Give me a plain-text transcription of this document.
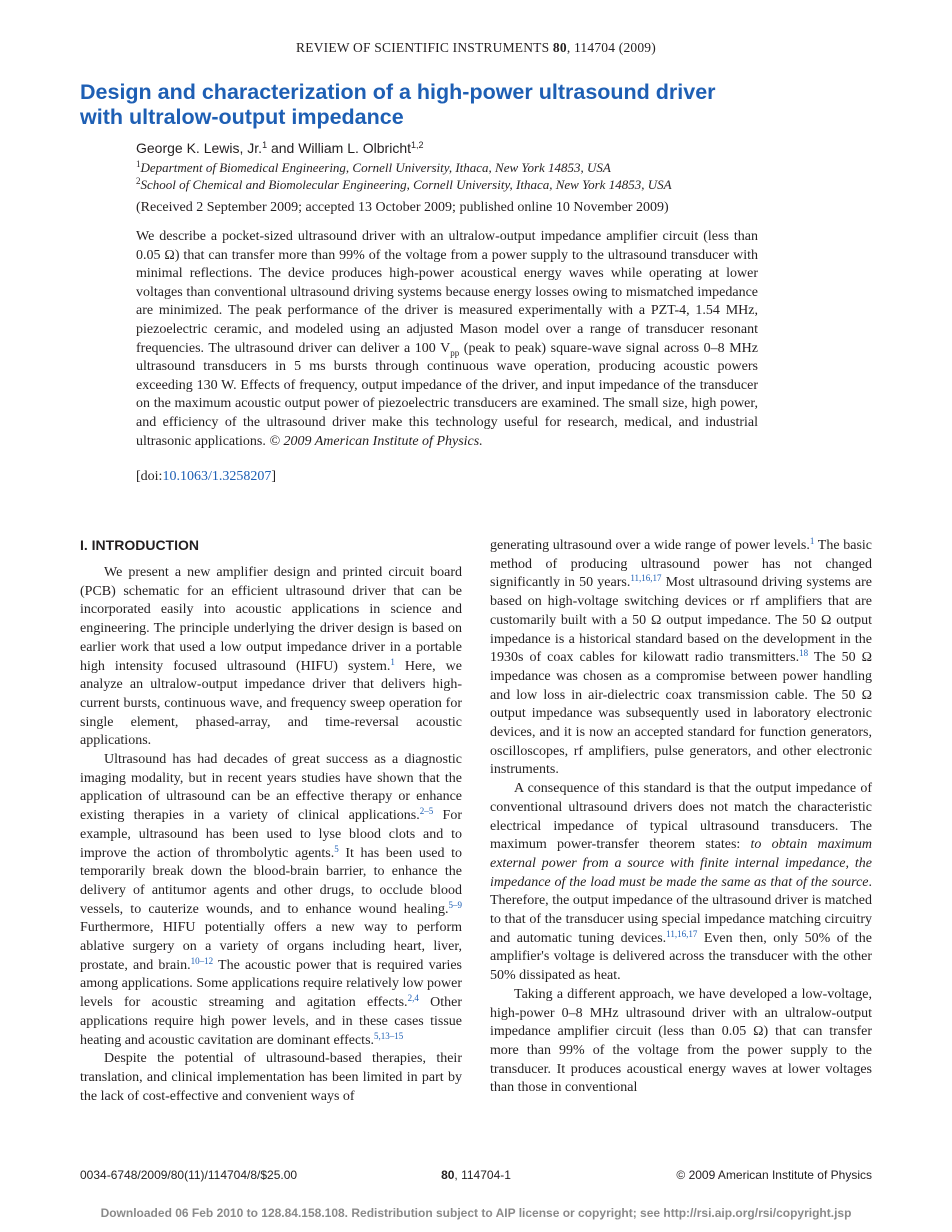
REVIEW OF SCIENTIFIC INSTRUMENTS 80, 114704 (2009)
Design and characterization of a high-power ultrasound driver
with ultralow-output impedance
George K. Lewis, Jr.$^1$ and William L. Olbricht$^{1,2}$
$^1$Department of Biomedical Engineering, Cornell University, Ithaca, New York 14853, USA
$^2$School of Chemical and Biomolecular Engineering, Cornell University, Ithaca, New York 14853, USA
(Received 2 September 2009; accepted 13 October 2009; published online 10 November 2009)
We describe a pocket-sized ultrasound driver with an ultralow-output impedance amplifier circuit (less than 0.05 Ω) that can transfer more than 99% of the voltage from a power supply to the ultrasound transducer with minimal reflections. The device produces high-power acoustical energy waves while operating at lower voltages than conventional ultrasound driving systems because energy losses owing to mismatched impedance are minimized. The peak performance of the driver is measured experimentally with a PZT-4, 1.54 MHz, piezoelectric ceramic, and modeled using an adjusted Mason model over a range of transducer resonant frequencies. The ultrasound driver can deliver a 100 $V_{pp}$ (peak to peak) square-wave signal across 0–8 MHz ultrasound transducers in 5 ms bursts through continuous wave operation, producing acoustic powers exceeding 130 W. Effects of frequency, output impedance of the driver, and input impedance of the transducer on the maximum acoustic output power of piezoelectric transducers are examined. The small size, high power, and efficiency of the ultrasound driver make this technology useful for research, medical, and industrial ultrasonic applications. © 2009 American Institute of Physics.
[doi:10.1063/1.3258207]
I. INTRODUCTION

We present a new amplifier design and printed circuit board (PCB) schematic for an efficient ultrasound driver that can be incorporated easily into acoustic applications in science and engineering. The principle underlying the driver design is based on earlier work that used a low output impedance driver in a portable high intensity focused ultrasound (HIFU) system.$^1$ Here, we analyze an ultralow-output impedance driver that delivers high-current bursts, continuous wave, and frequency sweep operation for single element, phased-array, and time-reversal acoustic applications.

Ultrasound has had decades of great success as a diagnostic imaging modality, but in recent years studies have shown that the application of ultrasound can be an effective therapy or enhance existing therapies in a variety of clinical applications.$^{2-5}$ For example, ultrasound has been used to lyse blood clots and to improve the action of thrombolytic agents.$^5$ It has been used to temporarily break down the blood-brain barrier, to enhance the delivery of antitumor agents and other drugs, to occlude blood vessels, to cauterize wounds, and to enhance wound healing.$^{5-9}$ Furthermore, HIFU potentially offers a new way to perform ablative surgery on a variety of organs including heart, liver, prostate, and brain.$^{10-12}$ The acoustic power that is required varies among applications. Some applications require relatively low power levels for acoustic streaming and agitation effects.$^{2,4}$ Other applications require high power levels, and in these cases tissue heating and acoustic cavitation are dominant effects.$^{5,13-15}$

Despite the potential of ultrasound-based therapies, their translation, and clinical implementation has been limited in part by the lack of cost-effective and convenient ways of

generating ultrasound over a wide range of power levels.$^1$ The basic method of producing ultrasound power has not changed significantly in 50 years.$^{11,16,17}$ Most ultrasound driving systems are based on high-voltage switching devices or rf amplifiers that are customarily built with a 50 Ω output impedance. The 50 Ω output impedance is a historical standard based on the development in the 1930s of coax cables for kilowatt radio transmitters.$^{18}$ The 50 Ω impedance was chosen as a compromise between power handling and low loss in air-dielectric coax transmission cable. The 50 Ω output impedance was subsequently used in laboratory electronic devices, and it is now an accepted standard for function generators, oscilloscopes, rf amplifiers, pulse generators, and other electronic instruments.

A consequence of this standard is that the output impedance of conventional ultrasound drivers does not match the characteristic electrical impedance of typical ultrasound transducers. The maximum power-transfer theorem states: to obtain maximum external power from a source with finite internal impedance, the impedance of the load must be made the same as that of the source. Therefore, the output impedance of the ultrasound driver is matched to that of the transducer using special impedance matching circuitry and automatic tuning devices.$^{11,16,17}$ Even then, only 50% of the amplifier's voltage is delivered across the transducer with the other 50% dissipated as heat.

Taking a different approach, we have developed a low-voltage, high-power 0–8 MHz ultrasound driver with an ultralow-output impedance amplifier circuit (less than 0.05 Ω) that can transfer more than 99% of the voltage from the power supply to the transducer. It produces acoustical energy waves at lower voltages than those in conventional

0034-6748/2009/80(11)/114704/8/$25.00	80, 114704-1	© 2009 American Institute of Physics
Downloaded 06 Feb 2010 to 128.84.158.108. Redistribution subject to AIP license or copyright; see http://rsi.aip.org/rsi/copyright.jsp
